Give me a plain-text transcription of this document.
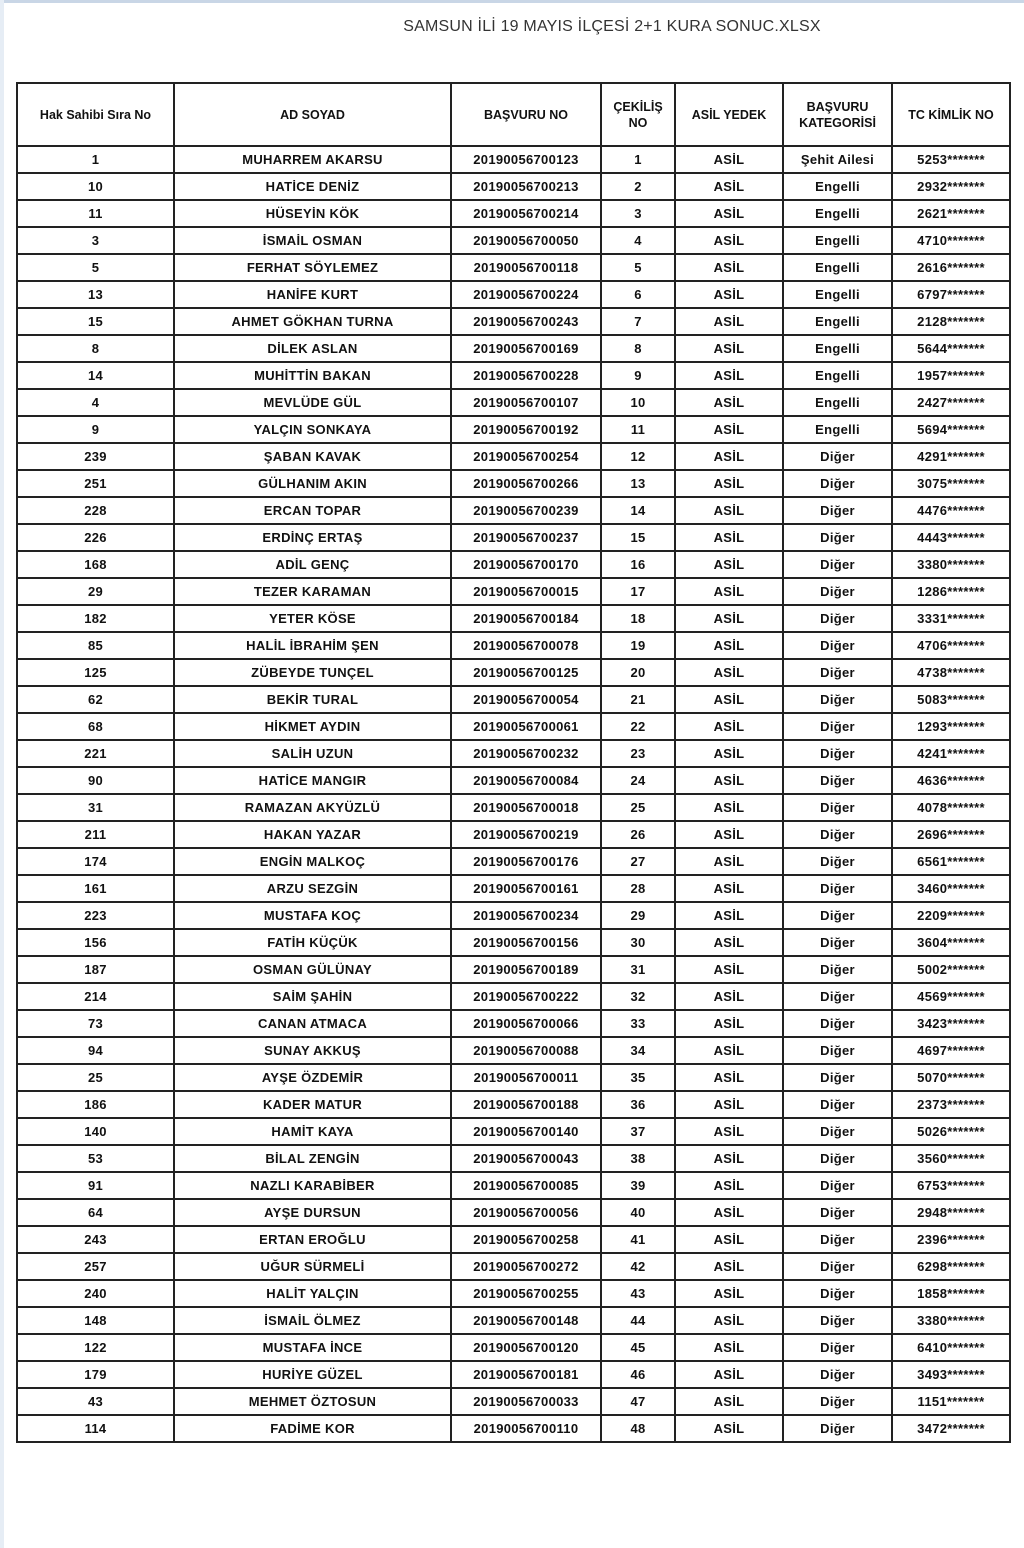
SAMSUN İLİ 19 MAYIS İLÇESİ 2+1 KURA SONUC.XLSX
Hak Sahibi Sıra No	AD SOYAD	BAŞVURU NO	ÇEKİLİŞ NO	ASİL YEDEK	BAŞVURU KATEGORİSİ	TC KİMLİK NO
1	MUHARREM AKARSU	20190056700123	1	ASİL	Şehit Ailesi	5253*******
10	HATİCE DENİZ	20190056700213	2	ASİL	Engelli	2932*******
11	HÜSEYİN KÖK	20190056700214	3	ASİL	Engelli	2621*******
3	İSMAİL OSMAN	20190056700050	4	ASİL	Engelli	4710*******
5	FERHAT SÖYLEMEZ	20190056700118	5	ASİL	Engelli	2616*******
13	HANİFE KURT	20190056700224	6	ASİL	Engelli	6797*******
15	AHMET GÖKHAN TURNA	20190056700243	7	ASİL	Engelli	2128*******
8	DİLEK ASLAN	20190056700169	8	ASİL	Engelli	5644*******
14	MUHİTTİN BAKAN	20190056700228	9	ASİL	Engelli	1957*******
4	MEVLÜDE GÜL	20190056700107	10	ASİL	Engelli	2427*******
9	YALÇIN SONKAYA	20190056700192	11	ASİL	Engelli	5694*******
239	ŞABAN KAVAK	20190056700254	12	ASİL	Diğer	4291*******
251	GÜLHANIM AKIN	20190056700266	13	ASİL	Diğer	3075*******
228	ERCAN TOPAR	20190056700239	14	ASİL	Diğer	4476*******
226	ERDİNÇ ERTAŞ	20190056700237	15	ASİL	Diğer	4443*******
168	ADİL GENÇ	20190056700170	16	ASİL	Diğer	3380*******
29	TEZER KARAMAN	20190056700015	17	ASİL	Diğer	1286*******
182	YETER KÖSE	20190056700184	18	ASİL	Diğer	3331*******
85	HALİL İBRAHİM ŞEN	20190056700078	19	ASİL	Diğer	4706*******
125	ZÜBEYDE TUNÇEL	20190056700125	20	ASİL	Diğer	4738*******
62	BEKİR TURAL	20190056700054	21	ASİL	Diğer	5083*******
68	HİKMET AYDIN	20190056700061	22	ASİL	Diğer	1293*******
221	SALİH UZUN	20190056700232	23	ASİL	Diğer	4241*******
90	HATİCE MANGIR	20190056700084	24	ASİL	Diğer	4636*******
31	RAMAZAN AKYÜZLÜ	20190056700018	25	ASİL	Diğer	4078*******
211	HAKAN YAZAR	20190056700219	26	ASİL	Diğer	2696*******
174	ENGİN MALKOÇ	20190056700176	27	ASİL	Diğer	6561*******
161	ARZU SEZGİN	20190056700161	28	ASİL	Diğer	3460*******
223	MUSTAFA KOÇ	20190056700234	29	ASİL	Diğer	2209*******
156	FATİH KÜÇÜK	20190056700156	30	ASİL	Diğer	3604*******
187	OSMAN GÜLÜNAY	20190056700189	31	ASİL	Diğer	5002*******
214	SAİM ŞAHİN	20190056700222	32	ASİL	Diğer	4569*******
73	CANAN ATMACA	20190056700066	33	ASİL	Diğer	3423*******
94	SUNAY AKKUŞ	20190056700088	34	ASİL	Diğer	4697*******
25	AYŞE ÖZDEMİR	20190056700011	35	ASİL	Diğer	5070*******
186	KADER MATUR	20190056700188	36	ASİL	Diğer	2373*******
140	HAMİT KAYA	20190056700140	37	ASİL	Diğer	5026*******
53	BİLAL ZENGİN	20190056700043	38	ASİL	Diğer	3560*******
91	NAZLI KARABİBER	20190056700085	39	ASİL	Diğer	6753*******
64	AYŞE DURSUN	20190056700056	40	ASİL	Diğer	2948*******
243	ERTAN EROĞLU	20190056700258	41	ASİL	Diğer	2396*******
257	UĞUR SÜRMELİ	20190056700272	42	ASİL	Diğer	6298*******
240	HALİT YALÇIN	20190056700255	43	ASİL	Diğer	1858*******
148	İSMAİL ÖLMEZ	20190056700148	44	ASİL	Diğer	3380*******
122	MUSTAFA İNCE	20190056700120	45	ASİL	Diğer	6410*******
179	HURİYE GÜZEL	20190056700181	46	ASİL	Diğer	3493*******
43	MEHMET ÖZTOSUN	20190056700033	47	ASİL	Diğer	1151*******
114	FADİME KOR	20190056700110	48	ASİL	Diğer	3472*******
